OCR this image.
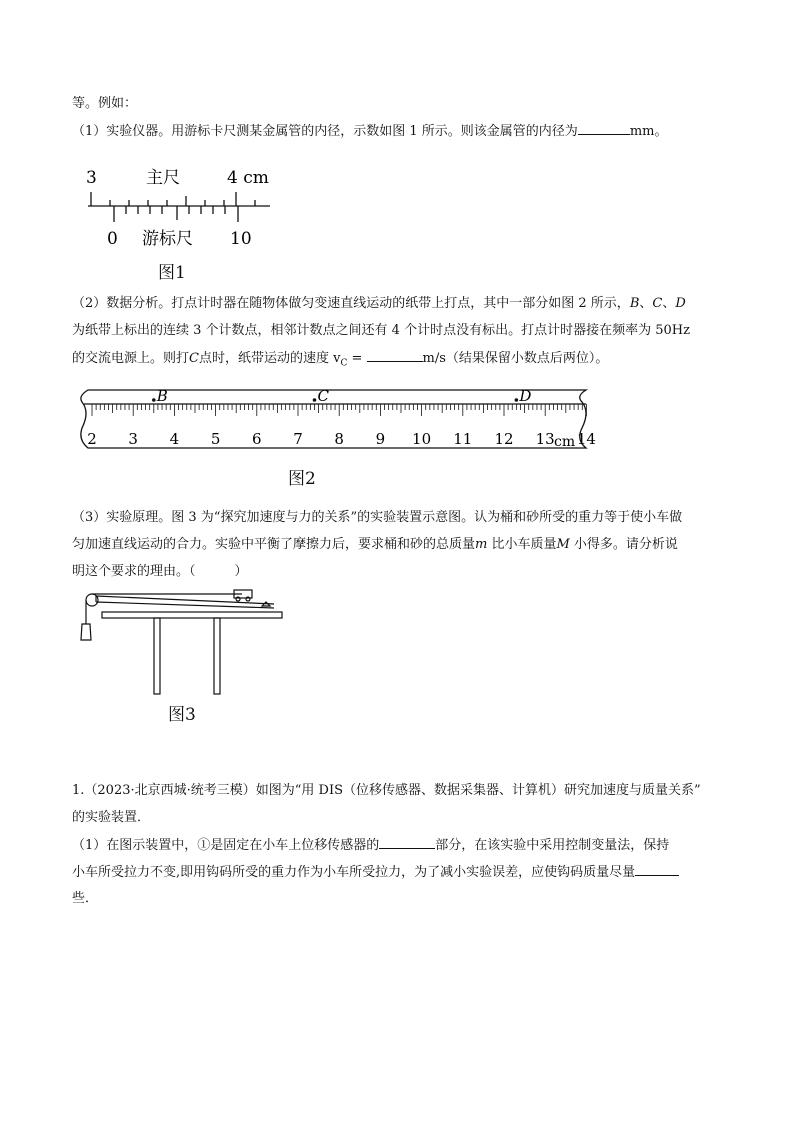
等。例如：
（1）实验仪器。用游标卡尺测某金属管的内径，示数如图 1 所示。则该金属管的内径为	mm。
3	主尺	4 cm
0 游标尺 10
图1
（2）数据分析。打点计时器在随物体做匀变速直线运动的纸带上打点，其中一部分如图 2 所示，B、C、D
为纸带上标出的连续 3 个计数点，相邻计数点之间还有 4 个计时点没有标出。打点计时器接在频率为 50Hz
的交流电源上。则打C点时，纸带运动的速度 $v_C$ =	m/s（结果保留小数点后两位）。
B	C	D
2 3 4 5 6 7 8 9 10 11 12 13 14
cm
图2
（3）实验原理。图 3 为“探究加速度与力的关系”的实验装置示意图。认为桶和砂所受的重力等于使小车做
匀加速直线运动的合力。实验中平衡了摩擦力后，要求桶和砂的总质量m 比小车质量M 小得多。请分析说
明这个要求的理由。（　　　）
图3
1.（2023·北京西城·统考三模）如图为“用 DIS（位移传感器、数据采集器、计算机）研究加速度与质量关系”
的实验装置．
（1）在图示装置中，①是固定在小车上位移传感器的	部分，在该实验中采用控制变量法，保持
小车所受拉力不变,即用钩码所受的重力作为小车所受拉力，为了减小实验误差，应使钩码质量尽量
些．
